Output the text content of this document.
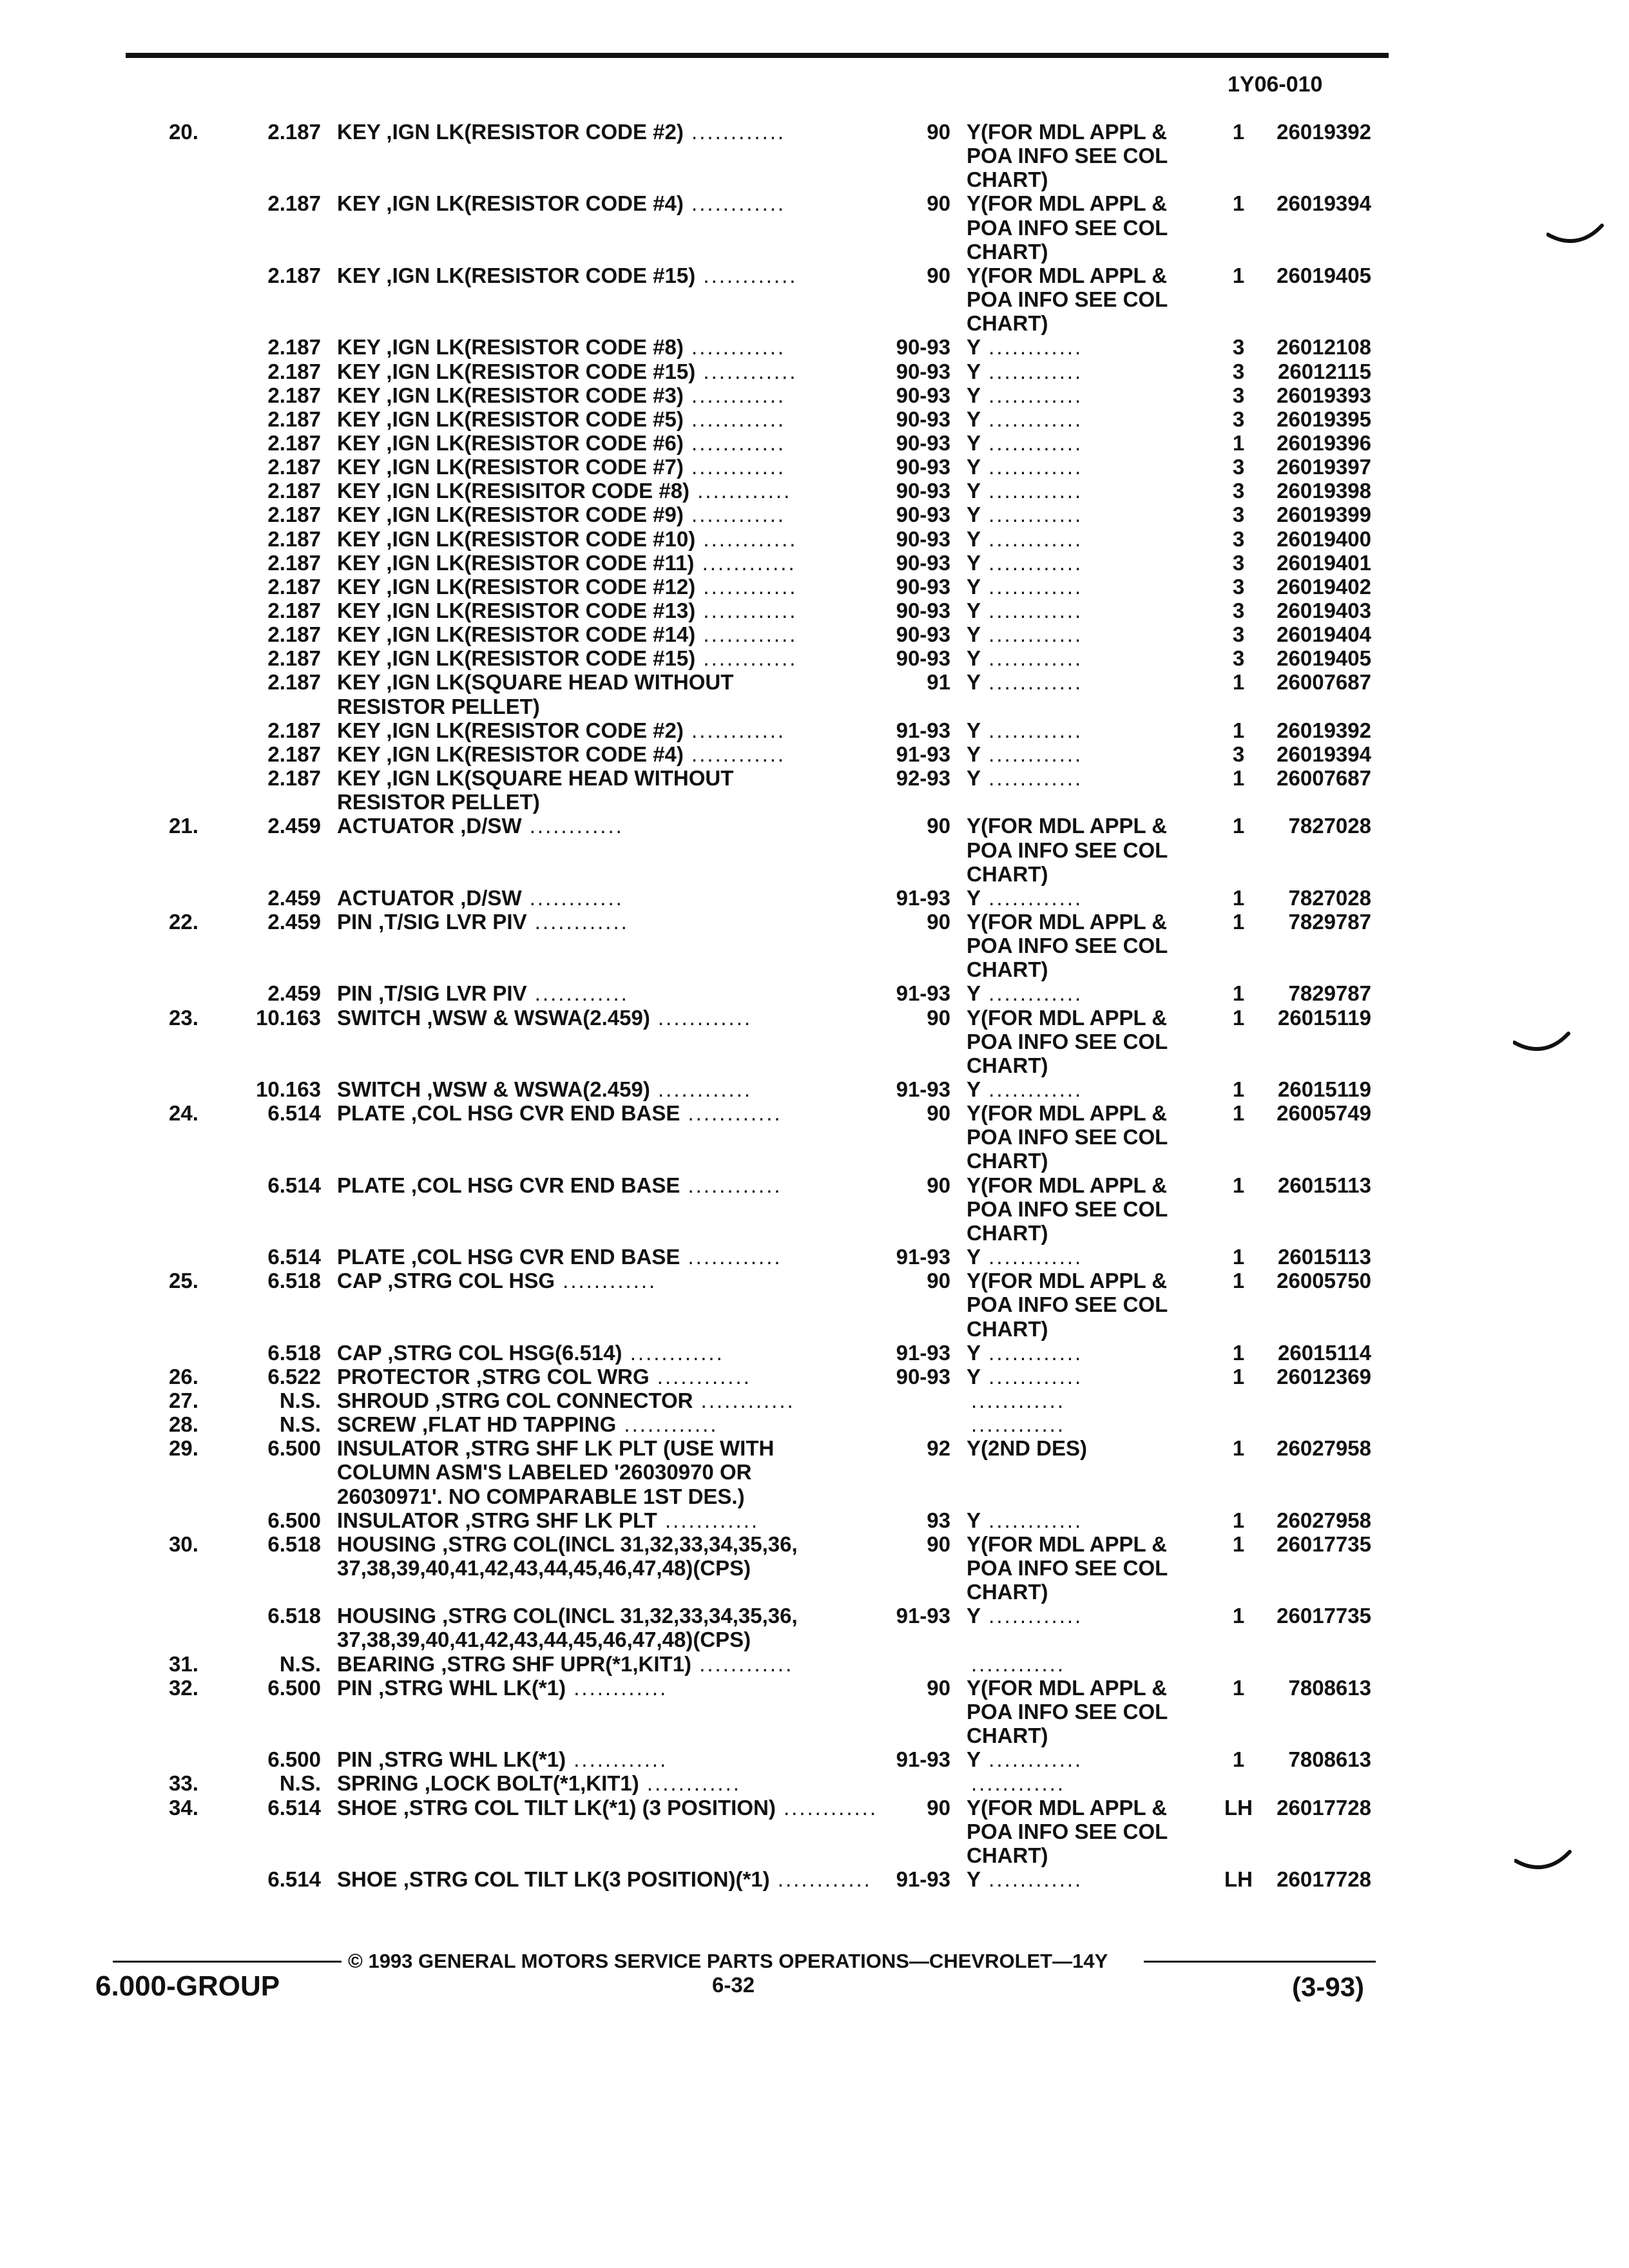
1Y06-010
20.	2.187 KEY ,IGN LK(RESISTOR CODE #2) ............	90 Y(FOR MDL APPL &	1	26019392
POA INFO SEE COL
CHART)
2.187 KEY ,IGN LK(RESISTOR CODE #4) ............	90 Y(FOR MDL APPL &	1	26019394
POA INFO SEE COL
CHART)
2.187 KEY ,IGN LK(RESISTOR CODE #15) ............	90 Y(FOR MDL APPL &	1	26019405
POA INFO SEE COL
CHART)
2.187 KEY ,IGN LK(RESISTOR CODE #8) ............	90-93 Y ............	3	26012108
2.187 KEY ,IGN LK(RESISTOR CODE #15) ............	90-93 Y ............	3	26012115
2.187 KEY ,IGN LK(RESISTOR CODE #3) ............	90-93 Y ............	3	26019393
2.187 KEY ,IGN LK(RESISTOR CODE #5) ............	90-93 Y ............	3	26019395
2.187 KEY ,IGN LK(RESISTOR CODE #6) ............	90-93 Y ............	1	26019396
2.187 KEY ,IGN LK(RESISTOR CODE #7) ............	90-93 Y ............	3	26019397
2.187 KEY ,IGN LK(RESISITOR CODE #8) ............	90-93 Y ............	3	26019398
2.187 KEY ,IGN LK(RESISTOR CODE #9) ............	90-93 Y ............	3	26019399
2.187 KEY ,IGN LK(RESISTOR CODE #10) ............	90-93 Y ............	3	26019400
2.187 KEY ,IGN LK(RESISTOR CODE #11) ............	90-93 Y ............	3	26019401
2.187 KEY ,IGN LK(RESISTOR CODE #12) ............	90-93 Y ............	3	26019402
2.187 KEY ,IGN LK(RESISTOR CODE #13) ............	90-93 Y ............	3	26019403
2.187 KEY ,IGN LK(RESISTOR CODE #14) ............	90-93 Y ............	3	26019404
2.187 KEY ,IGN LK(RESISTOR CODE #15) ............	90-93 Y ............	3	26019405
2.187 KEY ,IGN LK(SQUARE HEAD WITHOUT	91 Y ............	1	26007687
RESISTOR PELLET)
2.187 KEY ,IGN LK(RESISTOR CODE #2) ............	91-93 Y ............	1	26019392
2.187 KEY ,IGN LK(RESISTOR CODE #4) ............	91-93 Y ............	3	26019394
2.187 KEY ,IGN LK(SQUARE HEAD WITHOUT	92-93 Y ............	1	26007687
RESISTOR PELLET)
21.	2.459 ACTUATOR ,D/SW ............	90 Y(FOR MDL APPL &	1	7827028
POA INFO SEE COL
CHART)
2.459 ACTUATOR ,D/SW ............	91-93 Y ............	1	7827028
22.	2.459 PIN ,T/SIG LVR PIV ............	90 Y(FOR MDL APPL &	1	7829787
POA INFO SEE COL
CHART)
2.459 PIN ,T/SIG LVR PIV ............	91-93 Y ............	1	7829787
23.	10.163 SWITCH ,WSW & WSWA(2.459) ............	90 Y(FOR MDL APPL &	1	26015119
POA INFO SEE COL
CHART)
10.163 SWITCH ,WSW & WSWA(2.459) ............	91-93 Y ............	1	26015119
24.	6.514 PLATE ,COL HSG CVR END BASE ............	90 Y(FOR MDL APPL &	1	26005749
POA INFO SEE COL
CHART)
6.514 PLATE ,COL HSG CVR END BASE ............	90 Y(FOR MDL APPL &	1	26015113
POA INFO SEE COL
CHART)
6.514 PLATE ,COL HSG CVR END BASE ............	91-93 Y ............	1	26015113
25.	6.518 CAP ,STRG COL HSG ............	90 Y(FOR MDL APPL &	1	26005750
POA INFO SEE COL
CHART)
6.518 CAP ,STRG COL HSG(6.514) ............	91-93 Y ............	1	26015114
26.	6.522 PROTECTOR ,STRG COL WRG ............	90-93 Y ............	1	26012369
27.	N.S. SHROUD ,STRG COL CONNECTOR ............	............
28.	N.S. SCREW ,FLAT HD TAPPING ............	............
29.	6.500 INSULATOR ,STRG SHF LK PLT (USE WITH	92 Y(2ND DES)	1	26027958
COLUMN ASM'S LABELED '26030970 OR
26030971'. NO COMPARABLE 1ST DES.)
6.500 INSULATOR ,STRG SHF LK PLT ............	93 Y ............	1	26027958
30.	6.518 HOUSING ,STRG COL(INCL 31,32,33,34,35,36,	90 Y(FOR MDL APPL &	1	26017735
37,38,39,40,41,42,43,44,45,46,47,48)(CPS)	POA INFO SEE COL
CHART)
6.518 HOUSING ,STRG COL(INCL 31,32,33,34,35,36,	91-93 Y ............	1	26017735
37,38,39,40,41,42,43,44,45,46,47,48)(CPS)
31.	N.S. BEARING ,STRG SHF UPR(*1,KIT1) ............	............
32.	6.500 PIN ,STRG WHL LK(*1) ............	90 Y(FOR MDL APPL &	1	7808613
POA INFO SEE COL
CHART)
6.500 PIN ,STRG WHL LK(*1) ............	91-93 Y ............	1	7808613
33.	N.S. SPRING ,LOCK BOLT(*1,KIT1) ............	............
34.	6.514 SHOE ,STRG COL TILT LK(*1) (3 POSITION) ............ 90 Y(FOR MDL APPL &	LH	26017728
POA INFO SEE COL
CHART)
6.514 SHOE ,STRG COL TILT LK(3 POSITION)(*1) ............ 91-93 Y ............	LH	26017728
© 1993 GENERAL MOTORS SERVICE PARTS OPERATIONS—CHEVROLET—14Y
6.000-GROUP	6-32	(3-93)
